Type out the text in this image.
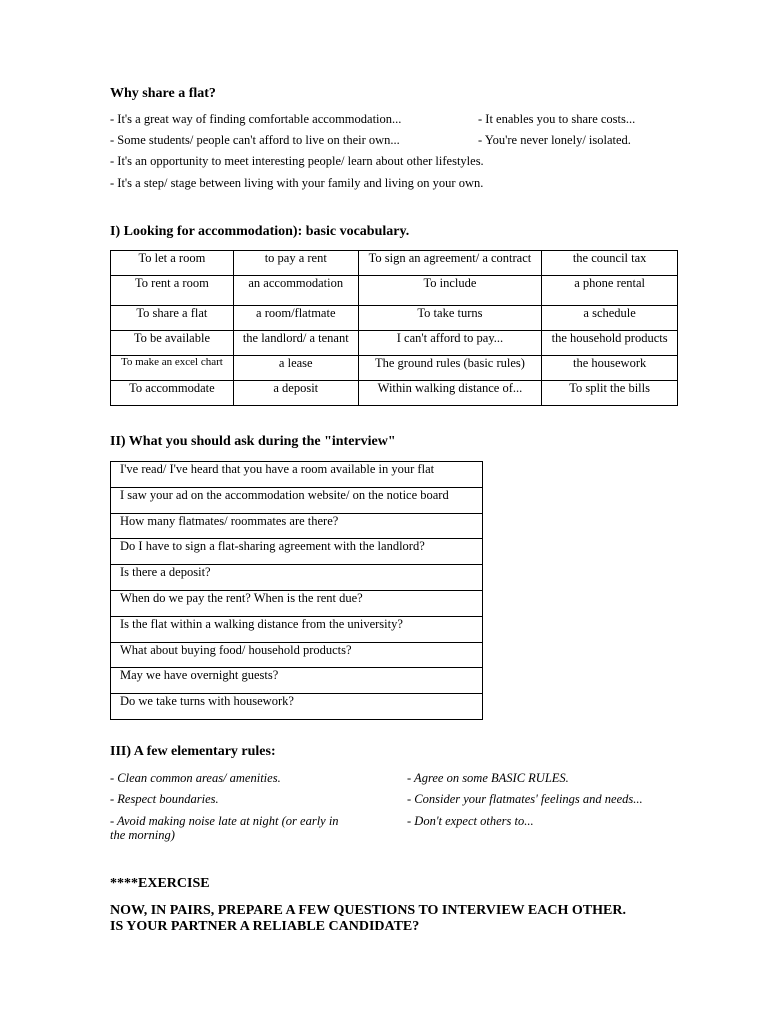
Why share a flat?
- It's a great way of finding comfortable accommodation...	- It enables you to share costs...
- Some students/ people can't afford to live on their own...	- You're never lonely/ isolated.
- It's an opportunity to meet interesting people/ learn about other lifestyles.
- It's a step/ stage between living with your family and living on your own.
I) Looking for accommodation): basic vocabulary.
To let a room	to pay a rent	To sign an agreement/ a contract	the council tax
To rent a room	an accommodation	To include	a phone rental
To share a flat	a room/flatmate	To take turns	a schedule
To be available	the landlord/ a tenant	I can't afford to pay...	the household products
To make an excel chart	a lease	The ground rules (basic rules)	the housework
To accommodate	a deposit	Within walking distance of...	To split the bills
II) What you should ask during the "interview"
I've read/ I've heard that you have a room available in your flat
I saw your ad on the accommodation website/ on the notice board
How many flatmates/ roommates are there?
Do I have to sign a flat-sharing agreement with the landlord?
Is there a deposit?
When do we pay the rent? When is the rent due?
Is the flat within a walking distance from the university?
What about buying food/ household products?
May we have overnight guests?
Do we take turns with housework?
III) A few elementary rules:
- Clean common areas/ amenities.
- Respect boundaries.
- Avoid making noise late at night (or early in
the morning)
- Agree on some BASIC RULES.
- Consider your flatmates' feelings and needs...
- Don't expect others to...
****EXERCISE
NOW, IN PAIRS, PREPARE A FEW QUESTIONS TO INTERVIEW EACH OTHER.
IS YOUR PARTNER A RELIABLE CANDIDATE?
